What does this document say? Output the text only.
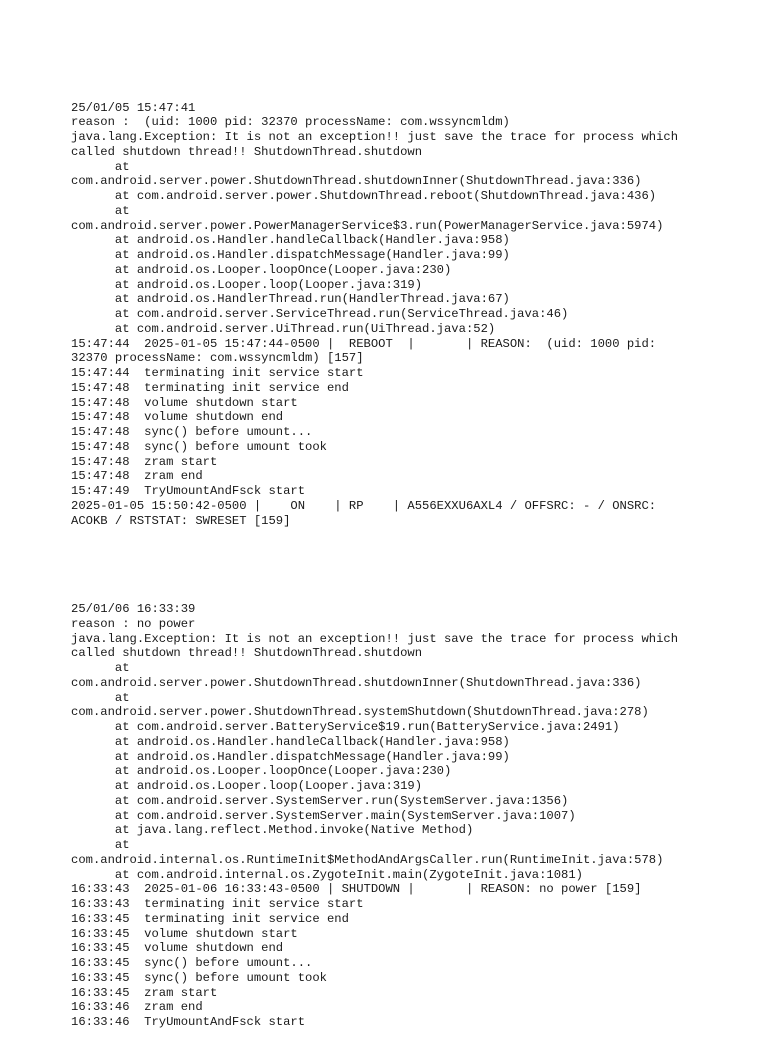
25/01/05 15:47:41
reason :  (uid: 1000 pid: 32370 processName: com.wssyncmldm)
java.lang.Exception: It is not an exception!! just save the trace for process which
called shutdown thread!! ShutdownThread.shutdown
at
com.android.server.power.ShutdownThread.shutdownInner(ShutdownThread.java:336)
at com.android.server.power.ShutdownThread.reboot(ShutdownThread.java:436)
at
com.android.server.power.PowerManagerService$3.run(PowerManagerService.java:5974)
at android.os.Handler.handleCallback(Handler.java:958)
at android.os.Handler.dispatchMessage(Handler.java:99)
at android.os.Looper.loopOnce(Looper.java:230)
at android.os.Looper.loop(Looper.java:319)
at android.os.HandlerThread.run(HandlerThread.java:67)
at com.android.server.ServiceThread.run(ServiceThread.java:46)
at com.android.server.UiThread.run(UiThread.java:52)
15:47:44  2025-01-05 15:47:44-0500 |  REBOOT  |       | REASON:  (uid: 1000 pid:
32370 processName: com.wssyncmldm) [157]
15:47:44  terminating init service start
15:47:48  terminating init service end
15:47:48  volume shutdown start
15:47:48  volume shutdown end
15:47:48  sync() before umount...
15:47:48  sync() before umount took
15:47:48  zram start
15:47:48  zram end
15:47:49  TryUmountAndFsck start
2025-01-05 15:50:42-0500 |    ON    | RP    | A556EXXU6AXL4 / OFFSRC: - / ONSRC:
ACOKB / RSTSTAT: SWRESET [159]

25/01/06 16:33:39
reason : no power
java.lang.Exception: It is not an exception!! just save the trace for process which
called shutdown thread!! ShutdownThread.shutdown
at
com.android.server.power.ShutdownThread.shutdownInner(ShutdownThread.java:336)
at
com.android.server.power.ShutdownThread.systemShutdown(ShutdownThread.java:278)
at com.android.server.BatteryService$19.run(BatteryService.java:2491)
at android.os.Handler.handleCallback(Handler.java:958)
at android.os.Handler.dispatchMessage(Handler.java:99)
at android.os.Looper.loopOnce(Looper.java:230)
at android.os.Looper.loop(Looper.java:319)
at com.android.server.SystemServer.run(SystemServer.java:1356)
at com.android.server.SystemServer.main(SystemServer.java:1007)
at java.lang.reflect.Method.invoke(Native Method)
at
com.android.internal.os.RuntimeInit$MethodAndArgsCaller.run(RuntimeInit.java:578)
at com.android.internal.os.ZygoteInit.main(ZygoteInit.java:1081)
16:33:43  2025-01-06 16:33:43-0500 | SHUTDOWN |       | REASON: no power [159]
16:33:43  terminating init service start
16:33:45  terminating init service end
16:33:45  volume shutdown start
16:33:45  volume shutdown end
16:33:45  sync() before umount...
16:33:45  sync() before umount took
16:33:45  zram start
16:33:46  zram end
16:33:46  TryUmountAndFsck start
